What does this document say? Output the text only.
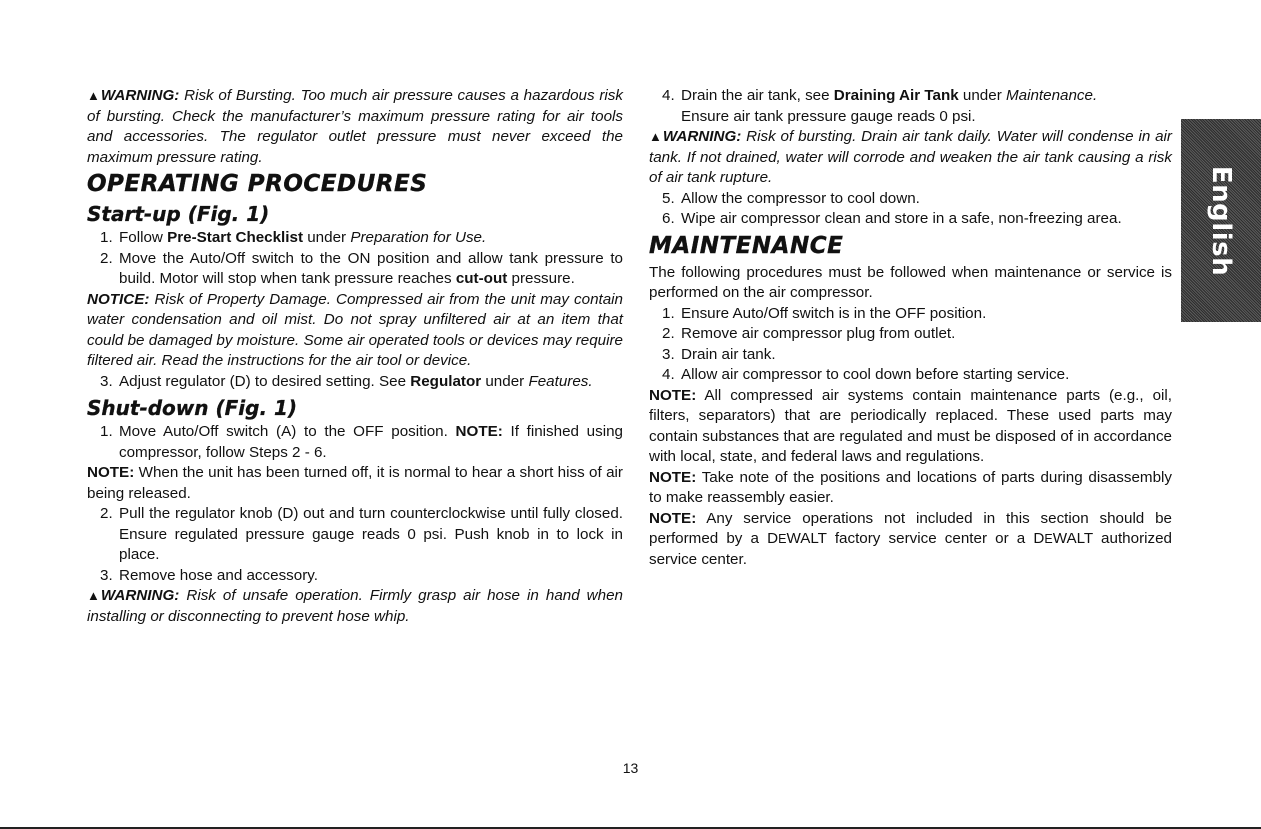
▲WARNING: Risk of Bursting. Too much air pressure causes a hazardous risk of bursting. Check the manufacturer’s maximum pressure rating for air tools and accessories. The regulator outlet pressure must never exceed the maximum pressure rating.

OPERATING PROCEDURES
Start-up (Fig. 1)
1. Follow Pre-Start Checklist under Preparation for Use.
2. Move the Auto/Off switch to the ON position and allow tank pressure to build. Motor will stop when tank pressure reaches cut-out pressure.

NOTICE: Risk of Property Damage. Compressed air from the unit may contain water condensation and oil mist. Do not spray unfiltered air at an item that could be damaged by moisture. Some air operated tools or devices may require filtered air. Read the instructions for the air tool or device.

3. Adjust regulator (D) to desired setting. See Regulator under Features.
Shut-down (Fig. 1)
1. Move Auto/Off switch (A) to the OFF position. NOTE: If finished using compressor, follow Steps 2 - 6.

NOTE: When the unit has been turned off, it is normal to hear a short hiss of air being released.

2. Pull the regulator knob (D) out and turn counterclockwise until fully closed. Ensure regulated pressure gauge reads 0 psi. Push knob in to lock in place.
3. Remove hose and accessory.

▲WARNING: Risk of unsafe operation. Firmly grasp air hose in hand when installing or disconnecting to prevent hose whip.

4. Drain the air tank, see Draining Air Tank under Maintenance.
Ensure air tank pressure gauge reads 0 psi.

▲WARNING: Risk of bursting. Drain air tank daily. Water will condense in air tank. If not drained, water will corrode and weaken the air tank causing a risk of air tank rupture.

5. Allow the compressor to cool down.
6. Wipe air compressor clean and store in a safe, non-freezing area.
MAINTENANCE

The following procedures must be followed when maintenance or service is performed on the air compressor.

1. Ensure Auto/Off switch is in the OFF position.
2. Remove air compressor plug from outlet.
3. Drain air tank.
4. Allow air compressor to cool down before starting service.

NOTE: All compressed air systems contain maintenance parts (e.g., oil, filters, separators) that are periodically replaced. These used parts may contain substances that are regulated and must be disposed of in accordance with local, state, and federal laws and regulations.

NOTE: Take note of the positions and locations of parts during disassembly to make reassembly easier.

NOTE: Any service operations not included in this section should be performed by a DEWALT factory service center or a DEWALT authorized service center.

English
13
